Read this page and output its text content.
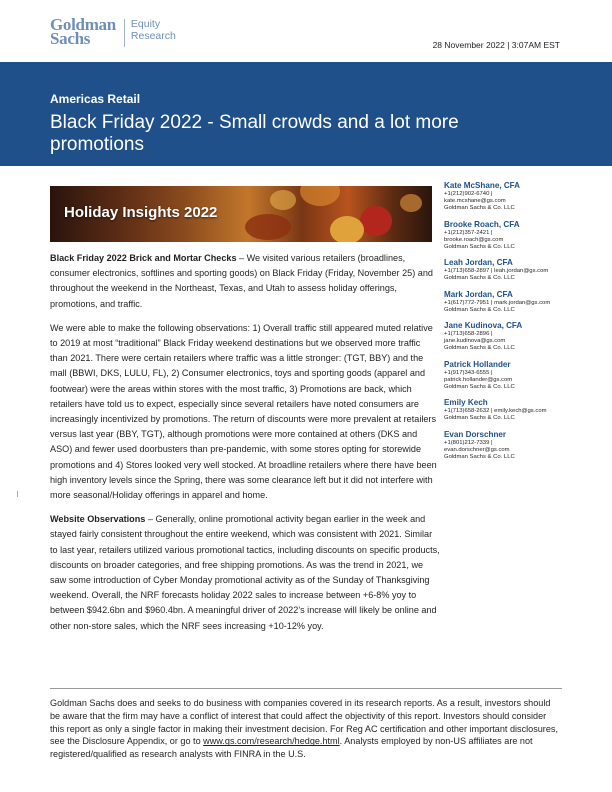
Goldman
Sachs
Equity
Research
28 November 2022 | 3:07AM EST
Americas Retail
Black Friday 2022 - Small crowds and a lot more promotions
Holiday Insights 2022

Black Friday 2022 Brick and Mortar Checks – We visited various retailers (broadlines, consumer electronics, softlines and sporting goods) on Black Friday (Friday, November 25) and throughout the weekend in the Northeast, Texas, and Utah to assess holiday offerings, promotions, and traffic.

We were able to make the following observations: 1) Overall traffic still appeared muted relative to 2019 at most “traditional” Black Friday weekend destinations but we observed more traffic than 2021. There were certain retailers where traffic was a little stronger: (TGT, BBY) and the mall (BBWI, DKS, LULU, FL), 2) Consumer electronics, toys and sporting goods (apparel and footwear) were the areas within stores with the most traffic, 3) Promotions are back, which retailers have told us to expect, especially since several retailers have noted consumers are increasingly incentivized by promotions. The return of discounts were more prevalent at retailers versus last year (BBY, TGT), although promotions were more contained at others (DKS and ASO) and fewer used doorbusters than pre-pandemic, with some stores opting for storewide promotions and 4) Stores looked very well stocked. At broadline retailers where there have been high inventory levels since the Spring, there was some clearance left but it did not interfere with more seasonal/Holiday offerings in apparel and home.

Website Observations – Generally, online promotional activity began earlier in the week and stayed fairly consistent throughout the entire weekend, which was consistent with 2021. Similar to last year, retailers utilized various promotional tactics, including discounts on specific products, discounts on broader categories, and free shipping promotions. As was the trend in 2021, we saw some introduction of Cyber Monday promotional activity as of the Sunday of Thanksgiving weekend. Overall, the NRF forecasts holiday 2022 sales to increase between +6-8% yoy to between $942.6bn and $960.4bn. A meaningful driver of 2022’s increase will likely be online and other non-store sales, which the NRF sees increasing +10-12% yoy.

Kate McShane, CFA
+1(212)902-6740 |
kate.mcshane@gs.com
Goldman Sachs & Co. LLC
Brooke Roach, CFA
+1(212)357-2421 |
brooke.roach@gs.com
Goldman Sachs & Co. LLC
Leah Jordan, CFA
+1(713)658-2897 | leah.jordan@gs.com
Goldman Sachs & Co. LLC
Mark Jordan, CFA
+1(617)772-7951 | mark.jordan@gs.com
Goldman Sachs & Co. LLC
Jane Kudinova, CFA
+1(713)658-2896 |
jane.kudinova@gs.com
Goldman Sachs & Co. LLC
Patrick Hollander
+1(917)343-6555 |
patrick.hollander@gs.com
Goldman Sachs & Co. LLC
Emily Kech
+1(713)658-2632 | emily.kech@gs.com
Goldman Sachs & Co. LLC
Evan Dorschner
+1(801)212-7339 |
evan.dorschner@gs.com
Goldman Sachs & Co. LLC
Goldman Sachs does and seeks to do business with companies covered in its research reports. As a result, investors should be aware that the firm may have a conflict of interest that could affect the objectivity of this report. Investors should consider this report as only a single factor in making their investment decision. For Reg AC certification and other important disclosures, see the Disclosure Appendix, or go to www.gs.com/research/hedge.html. Analysts employed by non-US affiliates are not registered/qualified as research analysts with FINRA in the U.S.
